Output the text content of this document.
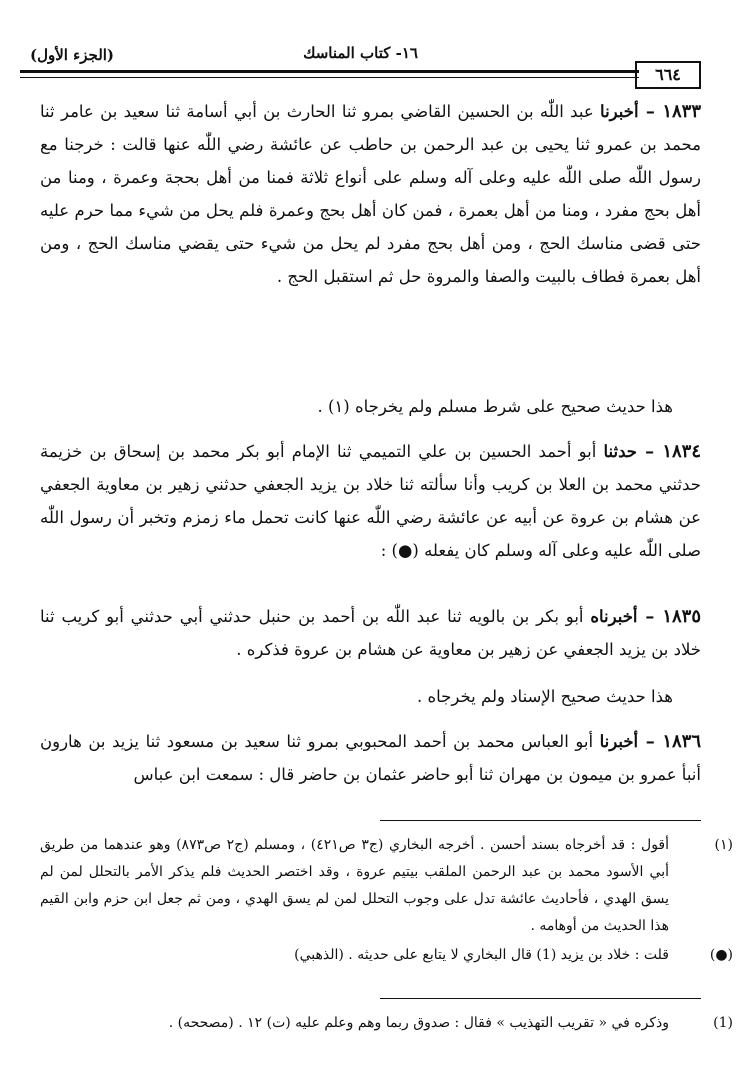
(الجزء الأول)	١٦- كتاب المناسك
٦٦٤

١٨٣٣ – أخبرنا عبد اللّٰه بن الحسين القاضي بمرو ثنا الحارث بن أبي أسامة ثنا سعيد بن عامر ثنا محمد بن عمرو ثنا يحيى بن عبد الرحمن بن حاطب عن عائشة رضي اللّٰه عنها قالت : خرجنا مع رسول اللّٰه صلى اللّٰه عليه وعلى آله وسلم على أنواع ثلاثة فمنا من أهل بحجة وعمرة ، ومنا من أهل بحج مفرد ، ومنا من أهل بعمرة ، فمن كان أهل بحج وعمرة فلم يحل من شيء مما حرم عليه حتى قضى مناسك الحج ، ومن أهل بحج مفرد لم يحل من شيء حتى يقضي مناسك الحج ، ومن أهل بعمرة فطاف بالبيت والصفا والمروة حل ثم استقبل الحج .

هذا حديث صحيح على شرط مسلم ولم يخرجاه (١) .

١٨٣٤ – حدثنا أبو أحمد الحسين بن علي التميمي ثنا الإمام أبو بكر محمد بن إسحاق بن خزيمة حدثني محمد بن العلا بن كريب وأنا سألته ثنا خلاد بن يزيد الجعفي حدثني زهير بن معاوية الجعفي عن هشام بن عروة عن أبيه عن عائشة رضي اللّٰه عنها كانت تحمل ماء زمزم وتخبر أن رسول اللّٰه صلى اللّٰه عليه وعلى آله وسلم كان يفعله (●) :

١٨٣٥ – أخبرناه أبو بكر بن بالويه ثنا عبد اللّٰه بن أحمد بن حنبل حدثني أبي حدثني أبو كريب ثنا خلاد بن يزيد الجعفي عن زهير بن معاوية عن هشام بن عروة فذكره .

هذا حديث صحيح الإسناد ولم يخرجاه .

١٨٣٦ – أخبرنا أبو العباس محمد بن أحمد المحبوبي بمرو ثنا سعيد بن مسعود ثنا يزيد بن هارون أنبأ عمرو بن ميمون بن مهران ثنا أبو حاضر عثمان بن حاضر قال : سمعت ابن عباس

(١)أقول : قد أخرجاه بسند أحسن . أخرجه البخاري (ج٣ ص٤٢١) ، ومسلم (ج٢ ص٨٧٣) وهو عندهما من طريق أبي الأسود محمد بن عبد الرحمن الملقب بيتيم عروة ، وقد اختصر الحديث فلم يذكر الأمر بالتحلل لمن لم يسق الهدي ، فأحاديث عائشة تدل على وجوب التحلل لمن لم يسق الهدي ، ومن ثم جعل ابن حزم وابن القيم هذا الحديث من أوهامه .
(●)قلت : خلاد بن يزيد (1) قال البخاري لا يتابع على حديثه . (الذهبي)
(1)وذكره في « تقريب التهذيب » فقال : صدوق ربما وهم وعلم عليه (ت) ١٢ . (مصححه) .
